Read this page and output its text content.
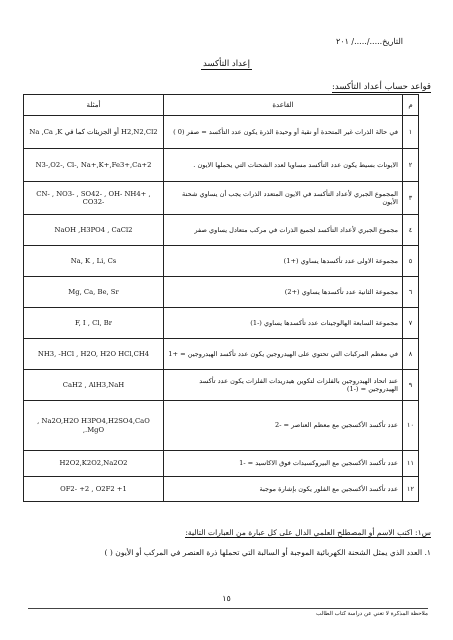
التاريخ...../...../ ٢٠١
إعداد التأكسد
قواعد حساب أعداد التأكسد:
م	القاعدة	أمثلة
١	في حالة الذرات غير المتحدة أو نقية أو وحيدة الذرة يكون عدد التأكسد = صفر (0 )	Na ,Ca ,K أو الجزيئات كما في H2,N2,Cl2
٢	الايونات بسيط يكون عدد التأكسد مساويا لعدد الشحنات التي يحملها الايون .	N3-,O2-, Cl-, Na+,K+,Fe3+,Ca+2
٣	المجموع الجبري لأعداد التأكسد في الايون المتعدد الذرات يجب أن يساوي شحنة الأيون	CN- , NO3- , SO42- , OH- NH4+ , CO32-
٤	مجموع الجبري لأعداد التأكسد لجميع الذرات في مركب متعادل يساوي صفر	NaOH ,H3PO4 , CaCl2
٥	مجموعة الاولى عدد تأكسدها يساوي (+1)	Na, K , Li, Cs
٦	مجموعة الثانية عدد تأكسدها يساوي (+2)	Mg, Ca, Be, Sr
٧	مجموعة السابعة الهالوجينات عدد تأكسدها يساوي (-1)	F, I , Cl, Br
٨	في معظم المركبات التي تحتوي على الهيدروجين يكون عدد تأكسد الهيدروجين = +1	NH3, -HCl , H2O, H2O HCl,CH4
٩	عند اتحاد الهيدروجين بالفلزات لتكوين هيدريدات الفلزات يكون عدد تأكسد الهيدروجين = (-1)	CaH2 , AlH3,NaH
١٠	عدد تأكسد الأكسجين مع معظم العناصر = -2	, Na2O,H2O H3PO4,H2SO4,CaO ,.MgO
١١	عدد تأكسد الأكسجين مع البيروكسيدات فوق الاكاسيد = -1	H2O2,K2O2,Na2O2
١٢	عدد تأكسد الأكسجين مع الفلور يكون بإشارة موجبة	OF2- +2 , O2F2 +1
س١: اكتب الاسم أو المصطلح العلمي الدال على كل عبارة من العبارات التالية:
١. العدد الذي يمثل الشحنة الكهربائية الموجبة أو السالبة التي تحملها ذرة العنصر في المركب أو الأيون ( )
١٥
ملاحظة المذكرة لا تغني عن دراسة كتاب الطالب
